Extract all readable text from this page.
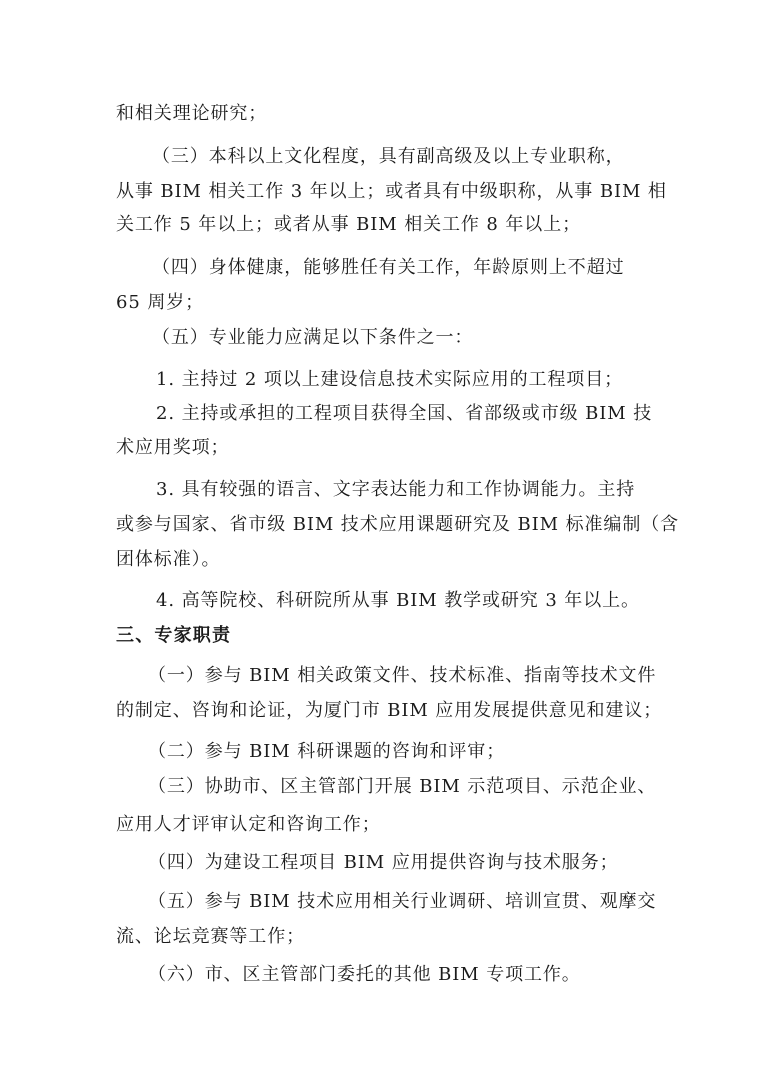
和相关理论研究；
（三）本科以上文化程度，具有副高级及以上专业职称，
从事 BIM 相关工作 3 年以上；或者具有中级职称，从事 BIM 相
关工作 5 年以上；或者从事 BIM 相关工作 8 年以上；
（四）身体健康，能够胜任有关工作，年龄原则上不超过
65 周岁；
（五）专业能力应满足以下条件之一：
1. 主持过 2 项以上建设信息技术实际应用的工程项目；
2. 主持或承担的工程项目获得全国、省部级或市级 BIM 技
术应用奖项；
3. 具有较强的语言、文字表达能力和工作协调能力。主持
或参与国家、省市级 BIM 技术应用课题研究及 BIM 标准编制（含
团体标准）。
4. 高等院校、科研院所从事 BIM 教学或研究 3 年以上。
三、专家职责
（一）参与 BIM 相关政策文件、技术标准、指南等技术文件
的制定、咨询和论证，为厦门市 BIM 应用发展提供意见和建议；
（二）参与 BIM 科研课题的咨询和评审；
（三）协助市、区主管部门开展 BIM 示范项目、示范企业、
应用人才评审认定和咨询工作；
（四）为建设工程项目 BIM 应用提供咨询与技术服务；
（五）参与 BIM 技术应用相关行业调研、培训宣贯、观摩交
流、论坛竞赛等工作；
（六）市、区主管部门委托的其他 BIM 专项工作。
